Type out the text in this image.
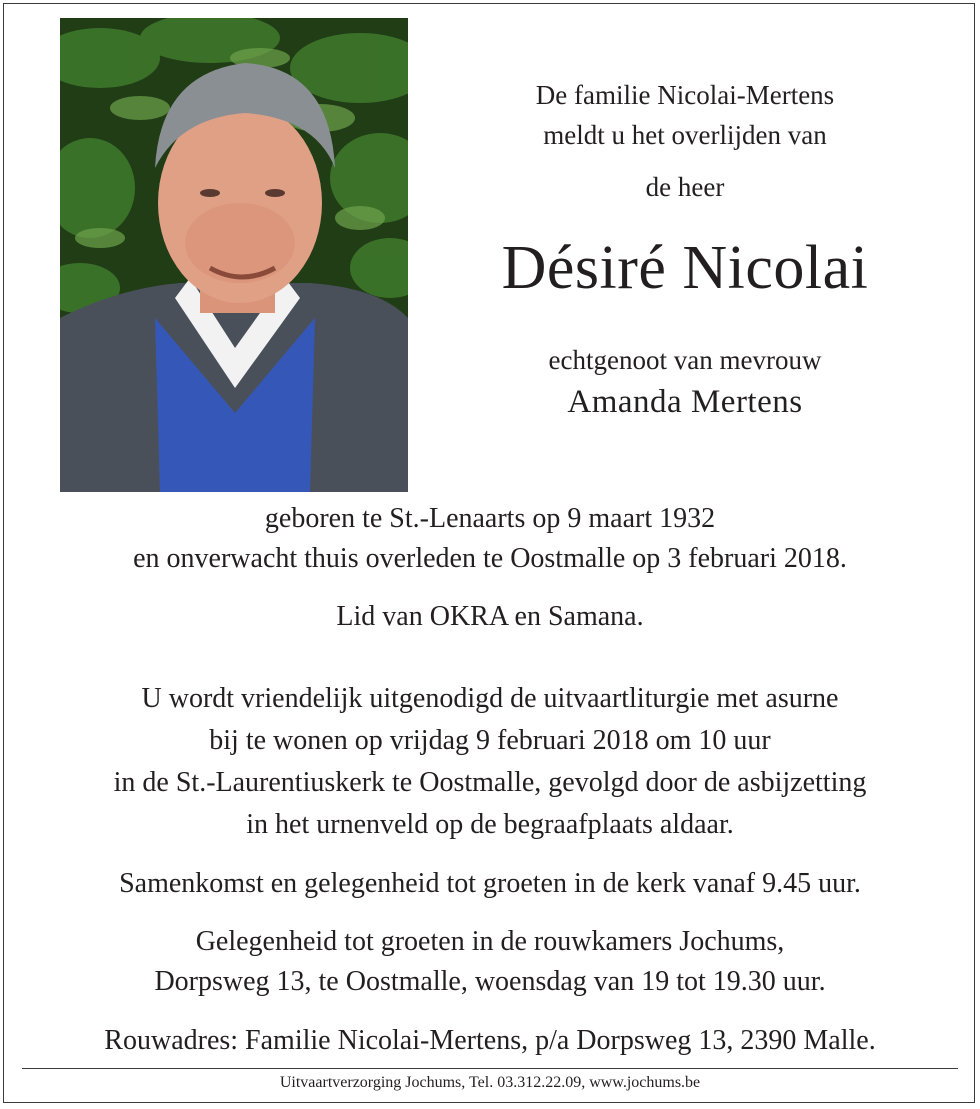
De familie Nicolai-Mertens
meldt u het overlijden van
de heer
Désiré Nicolai
echtgenoot van mevrouw
Amanda Mertens
geboren te St.-Lenaarts op 9 maart 1932
en onverwacht thuis overleden te Oostmalle op 3 februari 2018.
Lid van OKRA en Samana.
U wordt vriendelijk uitgenodigd de uitvaartliturgie met asurne
bij te wonen op vrijdag 9 februari 2018 om 10 uur
in de St.-Laurentiuskerk te Oostmalle, gevolgd door de asbijzetting
in het urnenveld op de begraafplaats aldaar.
Samenkomst en gelegenheid tot groeten in de kerk vanaf 9.45 uur.
Gelegenheid tot groeten in de rouwkamers Jochums,
Dorpsweg 13, te Oostmalle, woensdag van 19 tot 19.30 uur.
Rouwadres: Familie Nicolai-Mertens, p/a Dorpsweg 13, 2390 Malle.
Uitvaartverzorging Jochums, Tel. 03.312.22.09, www.jochums.be
